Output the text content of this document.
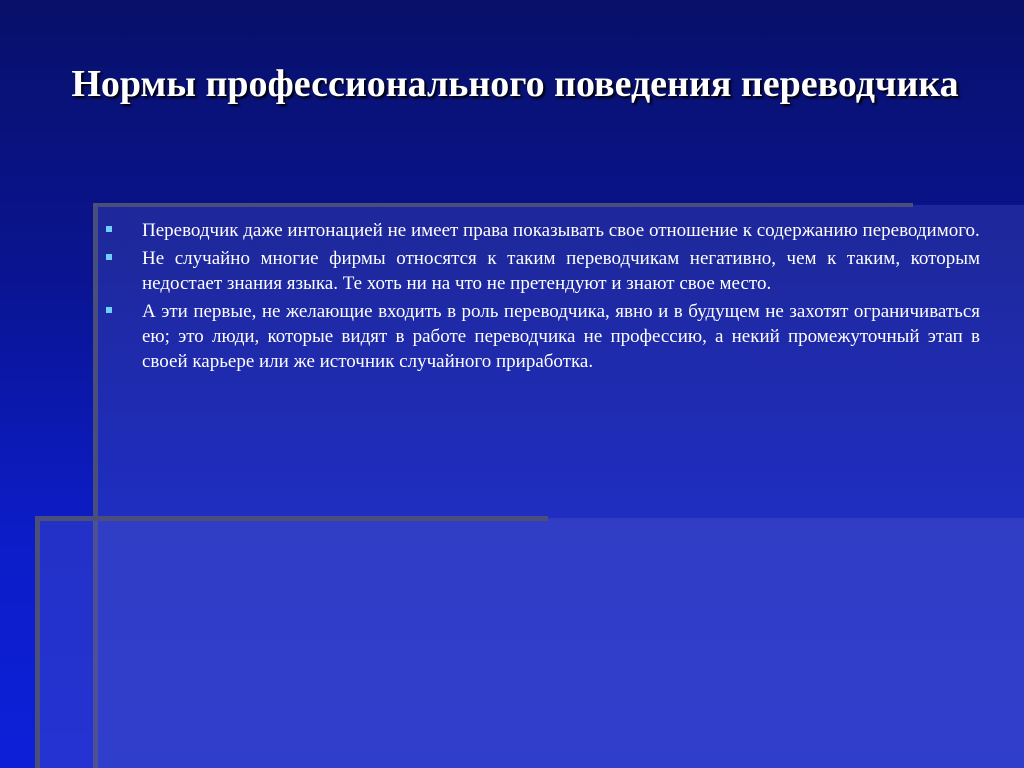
Нормы профессионального поведения переводчика
Переводчик даже интонацией не имеет права показывать свое отношение к содержанию переводимого.
Не случайно многие фирмы относятся к таким переводчикам негативно, чем к таким, которым недостает знания языка. Те хоть ни на что не претендуют и знают свое место.
А эти первые, не желающие входить в роль переводчика, явно и в будущем не захотят ограничиваться ею; это люди, которые видят в работе переводчика не профессию, а некий промежуточный этап в своей карьере или же источник случайного приработка.
